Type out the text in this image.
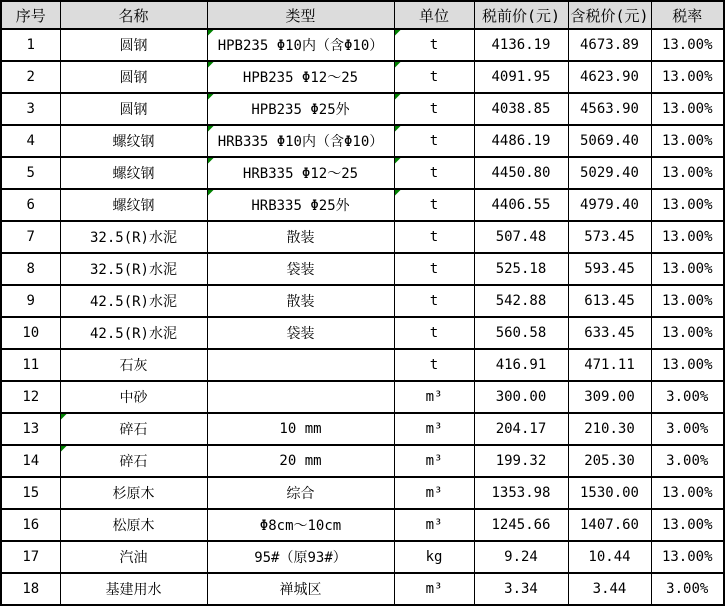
序号	名称	类型	单位	税前价(元)	含税价(元)	税率
1	圆钢	HPB235 Φ10内（含Φ10）	t	4136.19	4673.89	13.00%
2	圆钢	HPB235 Φ12～25	t	4091.95	4623.90	13.00%
3	圆钢	HPB235 Φ25外	t	4038.85	4563.90	13.00%
4	螺纹钢	HRB335 Φ10内（含Φ10）	t	4486.19	5069.40	13.00%
5	螺纹钢	HRB335 Φ12～25	t	4450.80	5029.40	13.00%
6	螺纹钢	HRB335 Φ25外	t	4406.55	4979.40	13.00%
7	32.5(R)水泥	散装	t	507.48	573.45	13.00%
8	32.5(R)水泥	袋装	t	525.18	593.45	13.00%
9	42.5(R)水泥	散装	t	542.88	613.45	13.00%
10	42.5(R)水泥	袋装	t	560.58	633.45	13.00%
11	石灰		t	416.91	471.11	13.00%
12	中砂		m³	300.00	309.00	3.00%
13	碎石	10 mm	m³	204.17	210.30	3.00%
14	碎石	20 mm	m³	199.32	205.30	3.00%
15	杉原木	综合	m³	1353.98	1530.00	13.00%
16	松原木	Φ8cm～10cm	m³	1245.66	1407.60	13.00%
17	汽油	95#（原93#）	kg	9.24	10.44	13.00%
18	基建用水	禅城区	m³	3.34	3.44	3.00%
